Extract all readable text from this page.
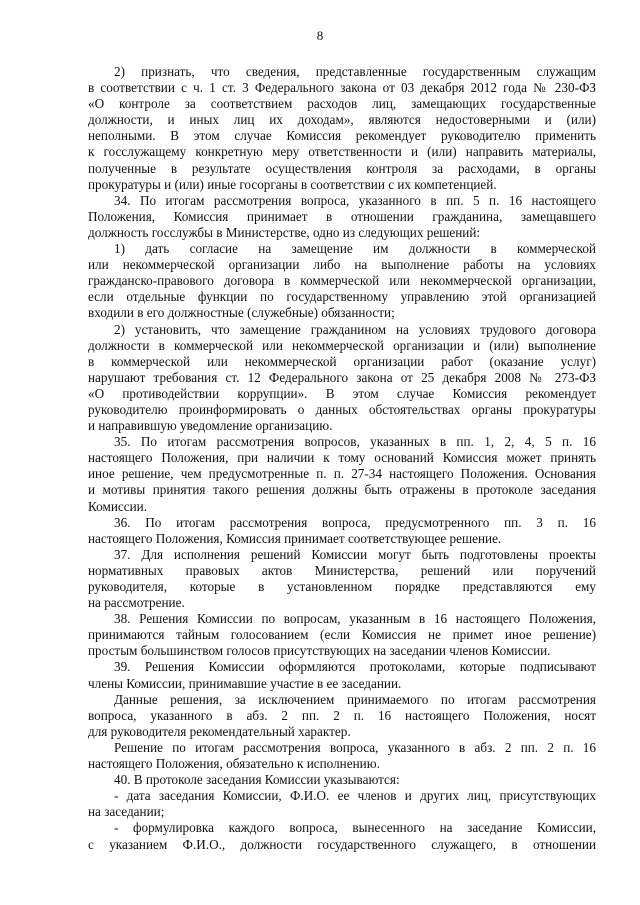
8
2) признать, что сведения, представленные государственным служащим
в соответствии с ч. 1 ст. 3 Федерального закона от 03 декабря 2012 года № 230-ФЗ
«О контроле за соответствием расходов лиц, замещающих государственные
должности, и иных лиц их доходам», являются недостоверными и (или)
неполными. В этом случае Комиссия рекомендует руководителю применить
к госслужащему конкретную меру ответственности и (или) направить материалы,
полученные в результате осуществления контроля за расходами, в органы
прокуратуры и (или) иные госорганы в соответствии с их компетенцией.
34. По итогам рассмотрения вопроса, указанного в пп. 5 п. 16 настоящего
Положения, Комиссия принимает в отношении гражданина, замещавшего
должность госслужбы в Министерстве, одно из следующих решений:
1) дать согласие на замещение им должности в коммерческой
или некоммерческой организации либо на выполнение работы на условиях
гражданско-правового договора в коммерческой или некоммерческой организации,
если отдельные функции по государственному управлению этой организацией
входили в его должностные (служебные) обязанности;
2) установить, что замещение гражданином на условиях трудового договора
должности в коммерческой или некоммерческой организации и (или) выполнение
в коммерческой или некоммерческой организации работ (оказание услуг)
нарушают требования ст. 12 Федерального закона от 25 декабря 2008 № 273-ФЗ
«О противодействии коррупции». В этом случае Комиссия рекомендует
руководителю проинформировать о данных обстоятельствах органы прокуратуры
и направившую уведомление организацию.
35. По итогам рассмотрения вопросов, указанных в пп. 1, 2, 4, 5 п. 16
настоящего Положения, при наличии к тому оснований Комиссия может принять
иное решение, чем предусмотренные п. п. 27-34 настоящего Положения. Основания
и мотивы принятия такого решения должны быть отражены в протоколе заседания
Комиссии.
36. По итогам рассмотрения вопроса, предусмотренного пп. 3 п. 16
настоящего Положения, Комиссия принимает соответствующее решение.
37. Для исполнения решений Комиссии могут быть подготовлены проекты
нормативных правовых актов Министерства, решений или поручений
руководителя, которые в установленном порядке представляются ему
на рассмотрение.
38. Решения Комиссии по вопросам, указанным в 16 настоящего Положения,
принимаются тайным голосованием (если Комиссия не примет иное решение)
простым большинством голосов присутствующих на заседании членов Комиссии.
39. Решения Комиссии оформляются протоколами, которые подписывают
члены Комиссии, принимавшие участие в ее заседании.
Данные решения, за исключением принимаемого по итогам рассмотрения
вопроса, указанного в абз. 2 пп. 2 п. 16 настоящего Положения, носят
для руководителя рекомендательный характер.
Решение по итогам рассмотрения вопроса, указанного в абз. 2 пп. 2 п. 16
настоящего Положения, обязательно к исполнению.
40. В протоколе заседания Комиссии указываются:
- дата заседания Комиссии, Ф.И.О. ее членов и других лиц, присутствующих
на заседании;
- формулировка каждого вопроса, вынесенного на заседание Комиссии,
с указанием Ф.И.О., должности государственного служащего, в отношении
